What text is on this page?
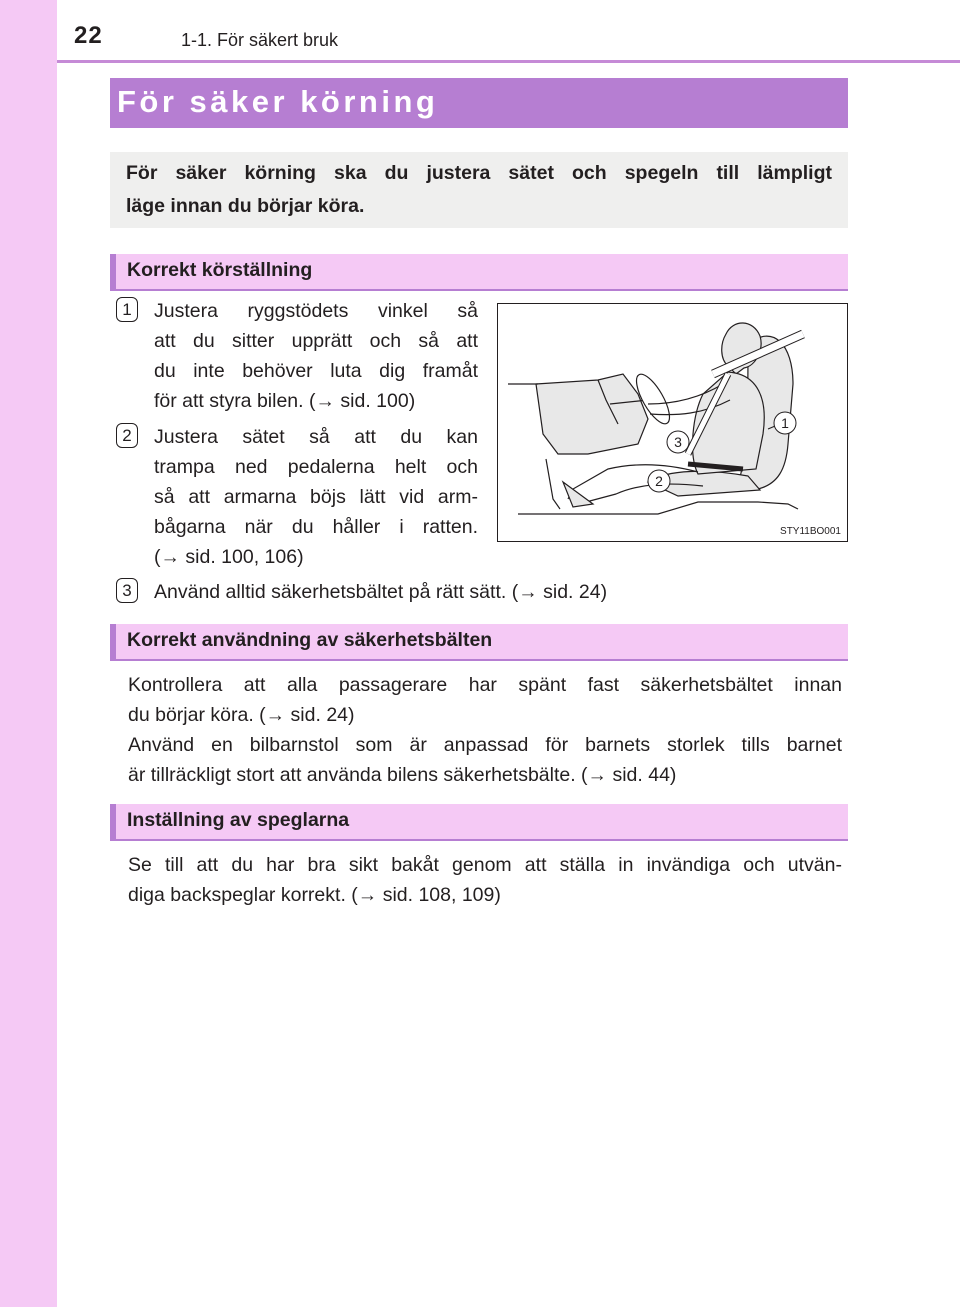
22	1-1. För säkert bruk
För säker körning
För säker körning ska du justera sätet och spegeln till lämpligt
läge innan du börjar köra.
Korrekt körställning
1	Justera ryggstödets vinkel så
att du sitter upprätt och så att
du inte behöver luta dig framåt
för att styra bilen. (→ sid. 100)
2	Justera sätet så att du kan
trampa ned pedalerna helt och
så att armarna böjs lätt vid arm-
bågarna när du håller i ratten.
(→ sid. 100, 106)
3	Använd alltid säkerhetsbältet på rätt sätt. (→ sid. 24)
1
2
3
STY11BO001
Korrekt användning av säkerhetsbälten
Kontrollera att alla passagerare har spänt fast säkerhetsbältet innan
du börjar köra. (→ sid. 24)
Använd en bilbarnstol som är anpassad för barnets storlek tills barnet
är tillräckligt stort att använda bilens säkerhetsbälte. (→ sid. 44)
Inställning av speglarna
Se till att du har bra sikt bakåt genom att ställa in invändiga och utvän-
diga backspeglar korrekt. (→ sid. 108, 109)
